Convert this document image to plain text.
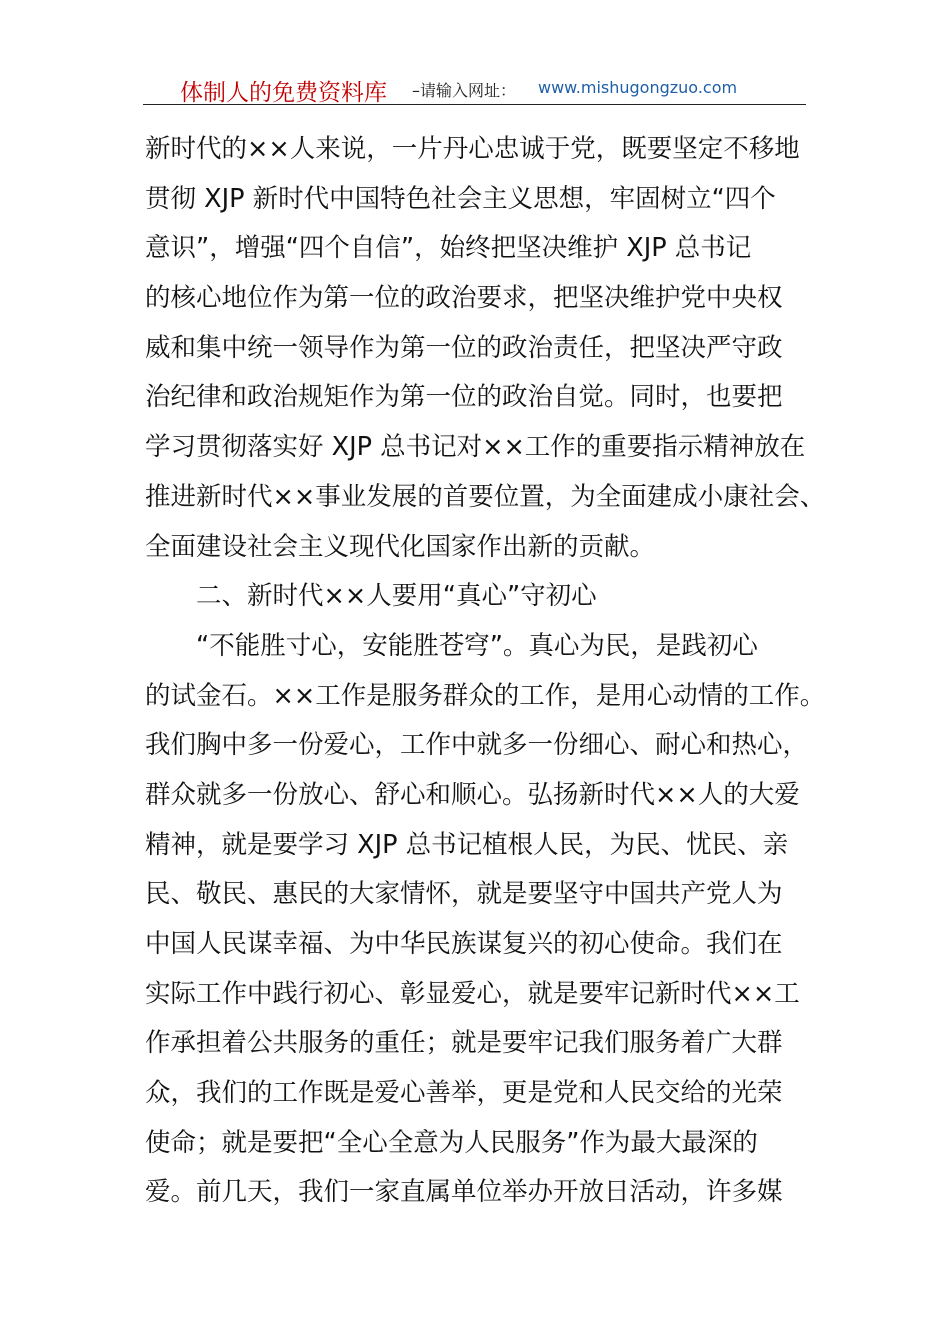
体制人的免费资料库 –请输入网址： www.mishugongzuo.com
新时代的××人来说，一片丹心忠诚于党，既要坚定不移地
贯彻 XJP 新时代中国特色社会主义思想，牢固树立“四个
意识”，增强“四个自信”，始终把坚决维护 XJP 总书记
的核心地位作为第一位的政治要求，把坚决维护党中央权
威和集中统一领导作为第一位的政治责任，把坚决严守政
治纪律和政治规矩作为第一位的政治自觉。同时，也要把
学习贯彻落实好 XJP 总书记对××工作的重要指示精神放在
推进新时代××事业发展的首要位置，为全面建成小康社会、
全面建设社会主义现代化国家作出新的贡献。
二、新时代××人要用“真心”守初心
“不能胜寸心，安能胜苍穹”。真心为民，是践初心
的试金石。××工作是服务群众的工作，是用心动情的工作。
我们胸中多一份爱心，工作中就多一份细心、耐心和热心，
群众就多一份放心、舒心和顺心。弘扬新时代××人的大爱
精神，就是要学习 XJP 总书记植根人民，为民、忧民、亲
民、敬民、惠民的大家情怀，就是要坚守中国共产党人为
中国人民谋幸福、为中华民族谋复兴的初心使命。我们在
实际工作中践行初心、彰显爱心，就是要牢记新时代××工
作承担着公共服务的重任；就是要牢记我们服务着广大群
众，我们的工作既是爱心善举，更是党和人民交给的光荣
使命；就是要把“全心全意为人民服务”作为最大最深的
爱。前几天，我们一家直属单位举办开放日活动，许多媒
